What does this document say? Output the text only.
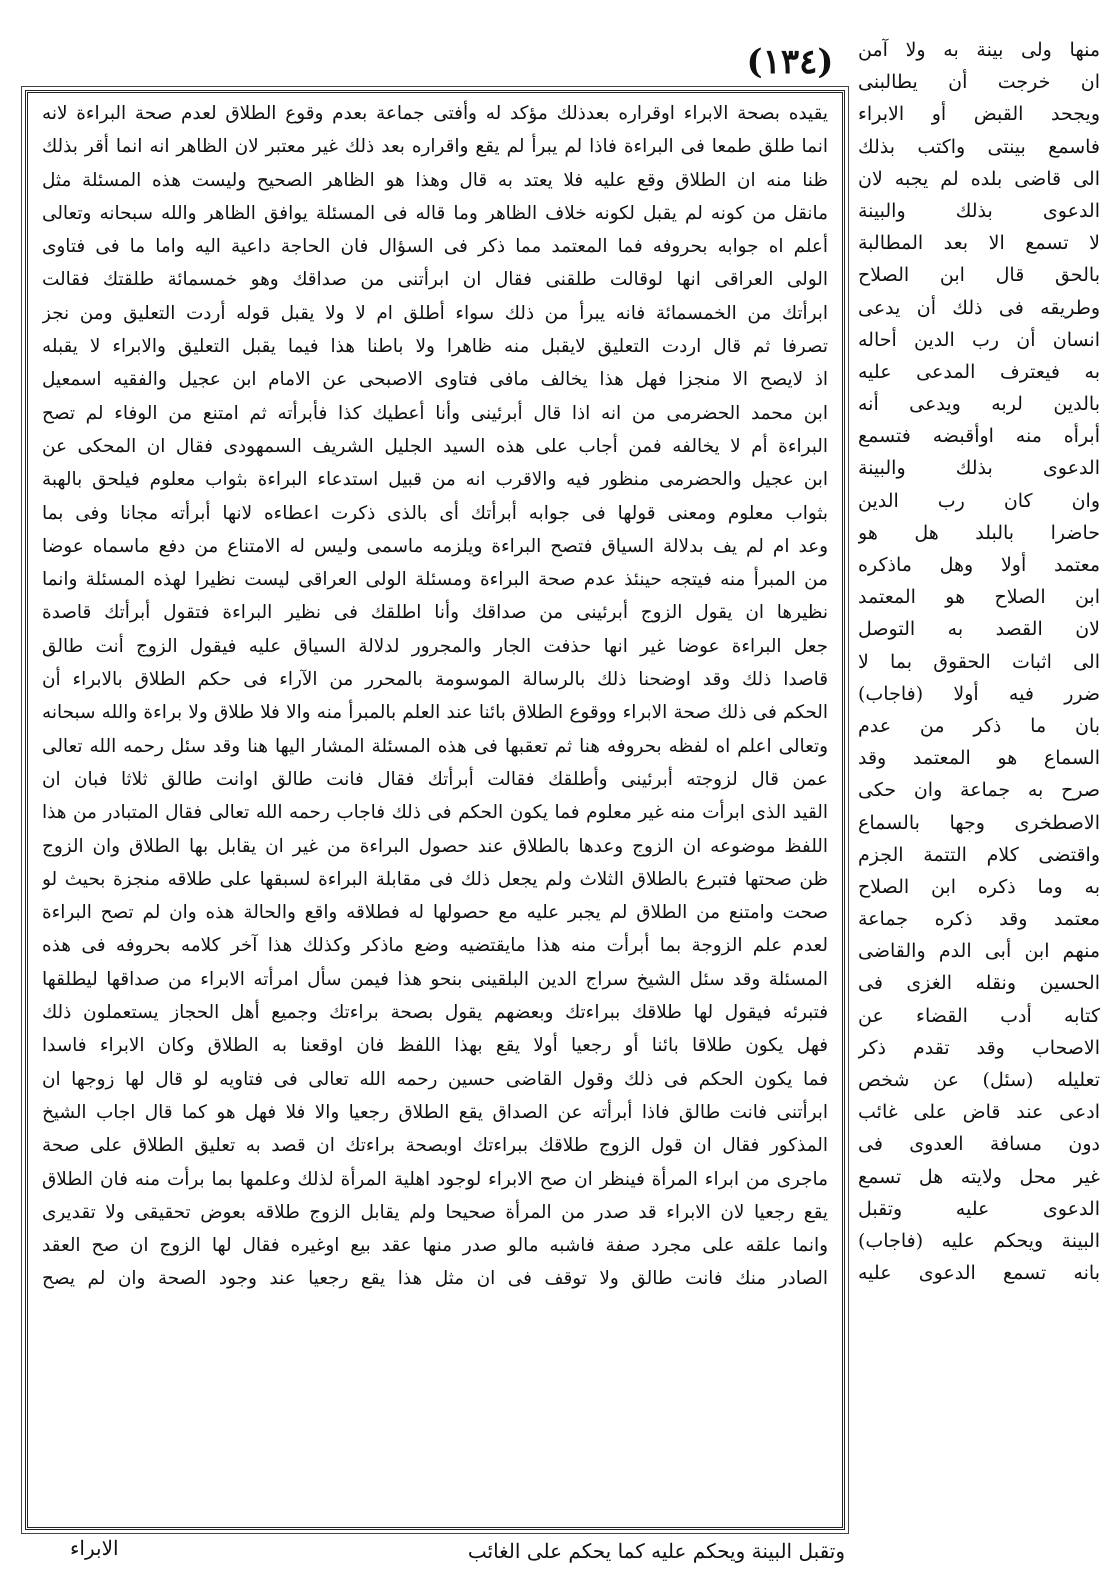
(١٣٤)
يقيده بصحة الابراء اوقراره بعدذلك مؤكد له وأفتى جماعة بعدم وقوع الطلاق لعدم صحة البراءة لانه
انما طلق طمعا فى البراءة فاذا لم يبرأ لم يقع واقراره بعد ذلك غير معتبر لان الظاهر انه انما أقر بذلك
ظنا منه ان الطلاق وقع عليه فلا يعتد به قال وهذا هو الظاهر الصحيح وليست هذه المسئلة مثل
مانقل من كونه لم يقبل لكونه خلاف الظاهر وما قاله فى المسئلة يوافق الظاهر والله سبحانه وتعالى
أعلم اه جوابه بحروفه فما المعتمد مما ذكر فى السؤال فان الحاجة داعية اليه واما ما فى فتاوى
الولى العراقى انها لوقالت طلقنى فقال ان ابرأتنى من صداقك وهو خمسمائة طلقتك فقالت
ابرأتك من الخمسمائة فانه يبرأ من ذلك سواء أطلق ام لا ولا يقبل قوله أردت التعليق ومن نجز
تصرفا ثم قال اردت التعليق لايقبل منه ظاهرا ولا باطنا هذا فيما يقبل التعليق والابراء لا يقبله
اذ لايصح الا منجزا فهل هذا يخالف مافى فتاوى الاصبحى عن الامام ابن عجيل والفقيه اسمعيل
ابن محمد الحضرمى من انه اذا قال أبرئينى وأنا أعطيك كذا فأبرأته ثم امتنع من الوفاء لم تصح
البراءة أم لا يخالفه فمن أجاب على هذه السيد الجليل الشريف السمهودى فقال ان المحكى عن
ابن عجيل والحضرمى منظور فيه والاقرب انه من قبيل استدعاء البراءة بثواب معلوم فيلحق بالهبة
بثواب معلوم ومعنى قولها فى جوابه أبرأتك أى بالذى ذكرت اعطاءه لانها أبرأته مجانا وفى بما
وعد ام لم يف بدلالة السياق فتصح البراءة ويلزمه ماسمى وليس له الامتناع من دفع ماسماه عوضا
من المبرأ منه فيتجه حينئذ عدم صحة البراءة ومسئلة الولى العراقى ليست نظيرا لهذه المسئلة وانما
نظيرها ان يقول الزوج أبرئينى من صداقك وأنا اطلقك فى نظير البراءة فتقول أبرأتك قاصدة
جعل البراءة عوضا غير انها حذفت الجار والمجرور لدلالة السياق عليه فيقول الزوج أنت طالق
قاصدا ذلك وقد اوضحنا ذلك بالرسالة الموسومة بالمحرر من الآراء فى حكم الطلاق بالابراء أن
الحكم فى ذلك صحة الابراء ووقوع الطلاق بائنا عند العلم بالمبرأ منه والا فلا طلاق ولا براءة والله سبحانه
وتعالى اعلم اه لفظه بحروفه هنا ثم تعقبها فى هذه المسئلة المشار اليها هنا وقد سئل رحمه الله تعالى
عمن قال لزوجته أبرئينى وأطلقك فقالت أبرأتك فقال فانت طالق اوانت طالق ثلاثا فبان ان
القيد الذى ابرأت منه غير معلوم فما يكون الحكم فى ذلك فاجاب رحمه الله تعالى فقال المتبادر من هذا
اللفظ موضوعه ان الزوج وعدها بالطلاق عند حصول البراءة من غير ان يقابل بها الطلاق وان الزوج
ظن صحتها فتبرع بالطلاق الثلاث ولم يجعل ذلك فى مقابلة البراءة لسبقها على طلاقه منجزة بحيث لو
صحت وامتنع من الطلاق لم يجبر عليه مع حصولها له فطلاقه واقع والحالة هذه وان لم تصح البراءة
لعدم علم الزوجة بما أبرأت منه هذا مايقتضيه وضع ماذكر وكذلك هذا آخر كلامه بحروفه فى هذه
المسئلة وقد سئل الشيخ سراج الدين البلقينى بنحو هذا فيمن سأل امرأته الابراء من صداقها ليطلقها
فتبرئه فيقول لها طلاقك ببراءتك وبعضهم يقول بصحة براءتك وجميع أهل الحجاز يستعملون ذلك
فهل يكون طلاقا بائنا أو رجعيا أولا يقع بهذا اللفظ فان اوقعنا به الطلاق وكان الابراء فاسدا
فما يكون الحكم فى ذلك وقول القاضى حسين رحمه الله تعالى فى فتاويه لو قال لها زوجها ان
ابرأتنى فانت طالق فاذا أبرأته عن الصداق يقع الطلاق رجعيا والا فلا فهل هو كما قال اجاب الشيخ
المذكور فقال ان قول الزوج طلاقك ببراءتك اوبصحة براءتك ان قصد به تعليق الطلاق على صحة
ماجرى من ابراء المرأة فينظر ان صح الابراء لوجود اهلية المرأة لذلك وعلمها بما برأت منه فان الطلاق
يقع رجعيا لان الابراء قد صدر من المرأة صحيحا ولم يقابل الزوج طلاقه بعوض تحقيقى ولا تقديرى
وانما علقه على مجرد صفة فاشبه مالو صدر منها عقد بيع اوغيره فقال لها الزوج ان صح العقد
الصادر منك فانت طالق ولا توقف فى ان مثل هذا يقع رجعيا عند وجود الصحة وان لم يصح
منها ولى بينة به ولا آمن
ان خرجت أن يطالبنى
ويجحد القبض أو الابراء
فاسمع بينتى واكتب بذلك
الى قاضى بلده لم يجبه لان
الدعوى بذلك والبينة
لا تسمع الا بعد المطالبة
بالحق قال ابن الصلاح
وطريقه فى ذلك أن يدعى
انسان أن رب الدين أحاله
به فيعترف المدعى عليه
بالدين لربه ويدعى أنه
أبرأه منه اوأقبضه فتسمع
الدعوى بذلك والبينة
وان كان رب الدين
حاضرا بالبلد هل هو
معتمد أولا وهل ماذكره
ابن الصلاح هو المعتمد
لان القصد به التوصل
الى اثبات الحقوق بما لا
ضرر فيه أولا (فاجاب)
بان ما ذكر من عدم
السماع هو المعتمد وقد
صرح به جماعة وان حكى
الاصطخرى وجها بالسماع
واقتضى كلام التتمة الجزم
به وما ذكره ابن الصلاح
معتمد وقد ذكره جماعة
منهم ابن أبى الدم والقاضى
الحسين ونقله الغزى فى
كتابه أدب القضاء عن
الاصحاب وقد تقدم ذكر
تعليله (سئل) عن شخص
ادعى عند قاض على غائب
دون مسافة العدوى فى
غير محل ولايته هل تسمع
الدعوى عليه وتقبل
البينة ويحكم عليه (فاجاب)
بانه تسمع الدعوى عليه
وتقبل البينة ويحكم عليه كما يحكم على الغائب
الابراء
